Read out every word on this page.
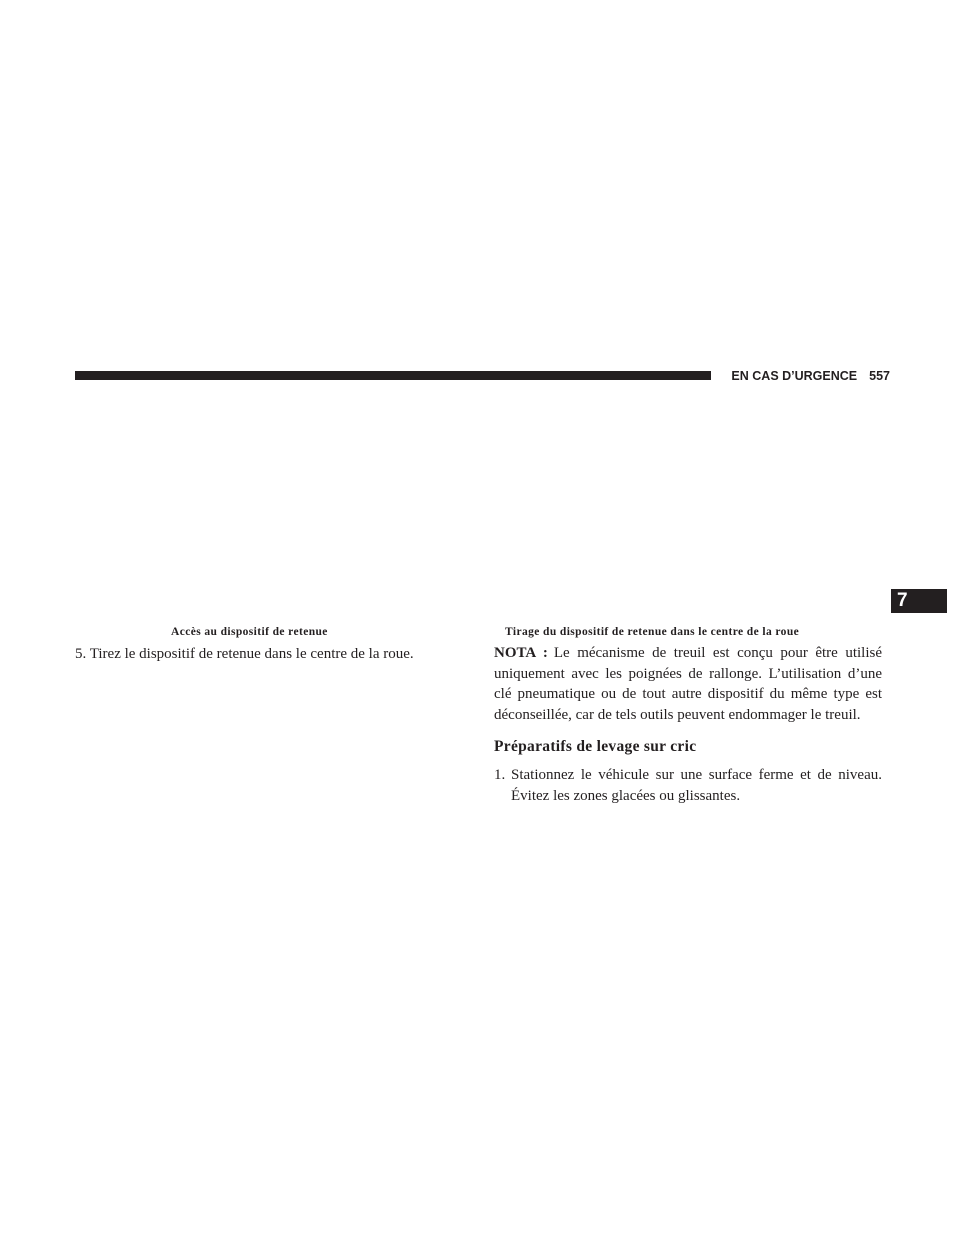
EN CAS D’URGENCE 557
7
Accès au dispositif de retenue	Tirage du dispositif de retenue dans le centre de la roue
5. Tirez le dispositif de retenue dans le centre de la roue.	NOTA : Le mécanisme de treuil est conçu pour être utilisé uniquement avec les poignées de rallonge. L’utilisation d’une clé pneumatique ou de tout autre dispositif du même type est déconseillée, car de tels outils peuvent endommager le treuil.

Préparatifs de levage sur cric
1. Stationnez le véhicule sur une surface ferme et de niveau. Évitez les zones glacées ou glissantes.
